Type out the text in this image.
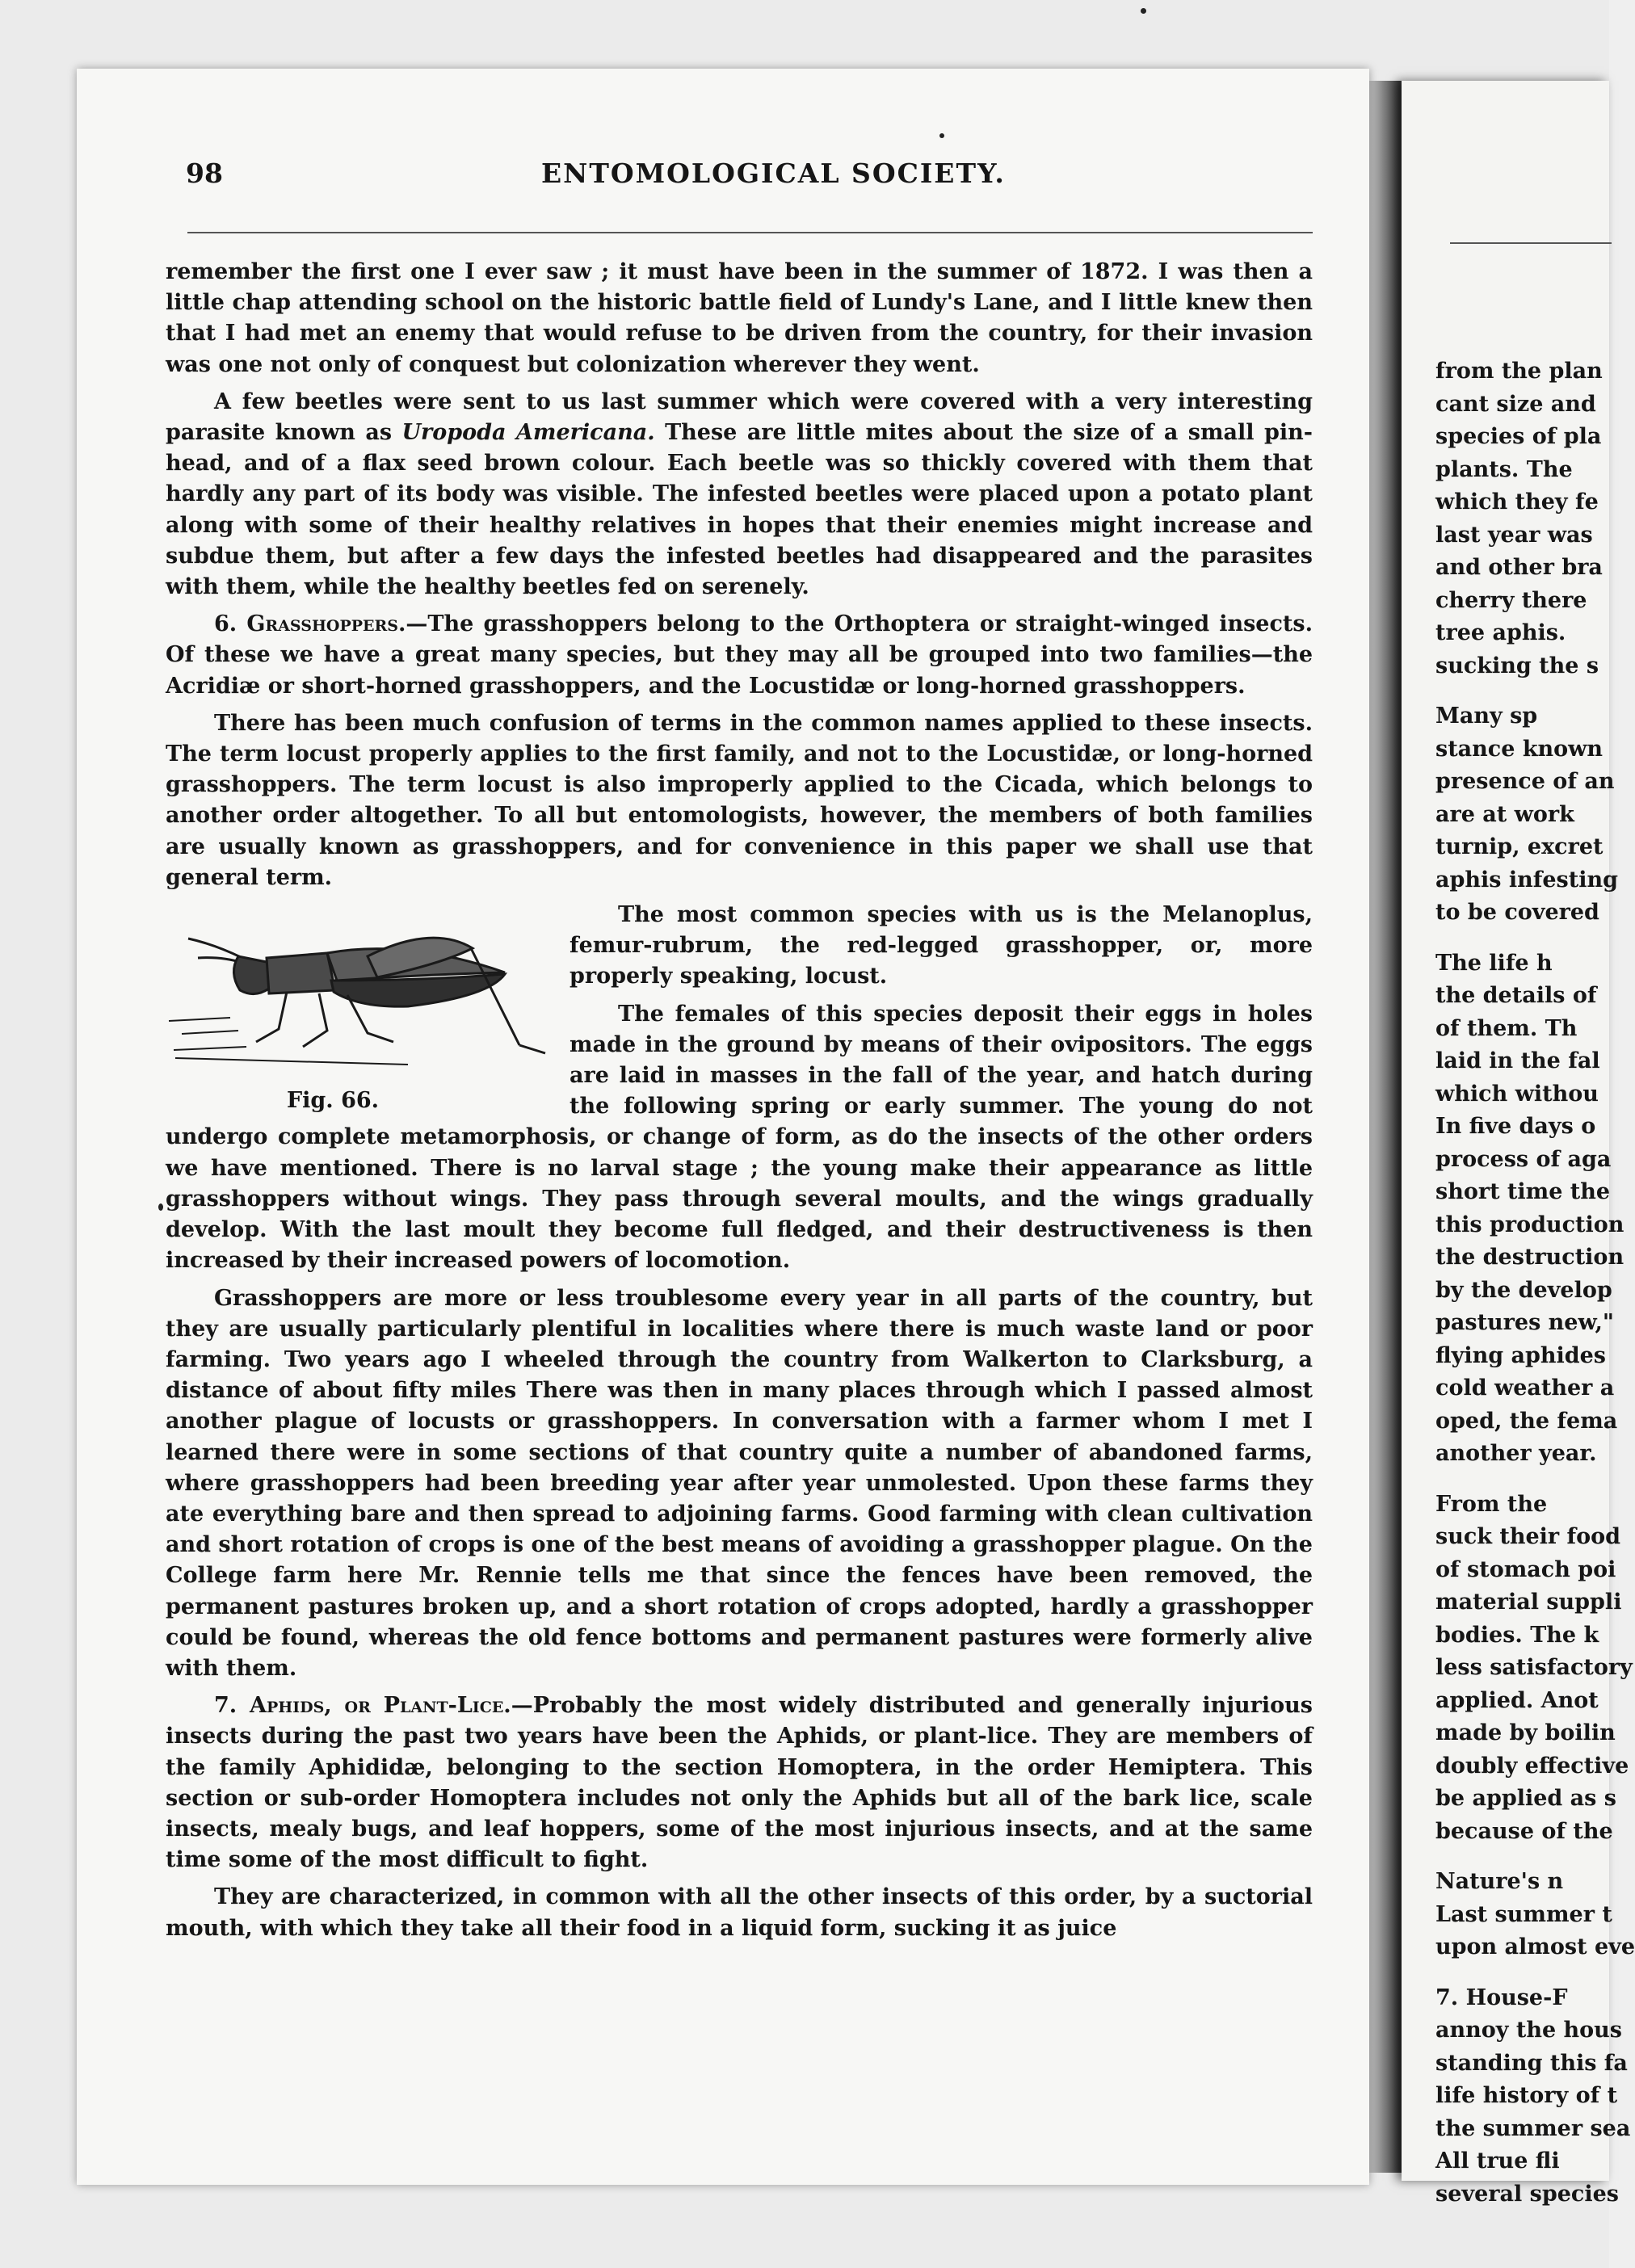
98	ENTOMOLOGICAL SOCIETY.

remember the first one I ever saw ; it must have been in the summer of 1872. I was then a little chap attending school on the historic battle field of Lundy's Lane, and I little knew then that I had met an enemy that would refuse to be driven from the country, for their invasion was one not only of conquest but colonization wherever they went.

A few beetles were sent to us last summer which were covered with a very interesting parasite known as Uropoda Americana. These are little mites about the size of a small pin-head, and of a flax seed brown colour. Each beetle was so thickly covered with them that hardly any part of its body was visible. The infested beetles were placed upon a potato plant along with some of their healthy relatives in hopes that their enemies might increase and subdue them, but after a few days the infested beetles had disappeared and the parasites with them, while the healthy beetles fed on serenely.

6. Grasshoppers.—The grasshoppers belong to the Orthoptera or straight-winged insects. Of these we have a great many species, but they may all be grouped into two families—the Acridiæ or short-horned grasshoppers, and the Locustidæ or long-horned grasshoppers.

There has been much confusion of terms in the common names applied to these insects. The term locust properly applies to the first family, and not to the Locustidæ, or long-horned grasshoppers. The term locust is also improperly applied to the Cicada, which belongs to another order altogether. To all but entomologists, however, the members of both families are usually known as grasshoppers, and for convenience in this paper we shall use that general term.

Fig. 66.

The most common species with us is the Melanoplus, femur-rubrum, the red-legged grasshopper, or, more properly speaking, locust.

The females of this species deposit their eggs in holes made in the ground by means of their ovipositors. The eggs are laid in masses in the fall of the year, and hatch during the following spring or early summer. The young do not undergo complete metamorphosis, or change of form, as do the insects of the other orders we have mentioned. There is no larval stage ; the young make their appearance as little grasshoppers without wings. They pass through several moults, and the wings gradually develop. With the last moult they become full fledged, and their destructiveness is then increased by their increased powers of locomotion.

Grasshoppers are more or less troublesome every year in all parts of the country, but they are usually particularly plentiful in localities where there is much waste land or poor farming. Two years ago I wheeled through the country from Walkerton to Clarksburg, a distance of about fifty miles There was then in many places through which I passed almost another plague of locusts or grasshoppers. In conversation with a farmer whom I met I learned there were in some sections of that country quite a number of abandoned farms, where grasshoppers had been breeding year after year unmolested. Upon these farms they ate everything bare and then spread to adjoining farms. Good farming with clean cultivation and short rotation of crops is one of the best means of avoiding a grasshopper plague. On the College farm here Mr. Rennie tells me that since the fences have been removed, the permanent pastures broken up, and a short rotation of crops adopted, hardly a grasshopper could be found, whereas the old fence bottoms and permanent pastures were formerly alive with them.

7. Aphids, or Plant-Lice.—Probably the most widely distributed and generally injurious insects during the past two years have been the Aphids, or plant-lice. They are members of the family Aphididæ, belonging to the section Homoptera, in the order Hemiptera. This section or sub-order Homoptera includes not only the Aphids but all of the bark lice, scale insects, mealy bugs, and leaf hoppers, some of the most injurious insects, and at the same time some of the most difficult to fight.

They are characterized, in common with all the other insects of this order, by a suctorial mouth, with which they take all their food in a liquid form, sucking it as juice

from the plan
cant size and
species of pla
plants. The
which they fe
last year was
and other bra
cherry there
tree aphis.
sucking the s
Many sp
stance known
presence of an
are at work
turnip, excret
aphis infesting
to be covered
The life h
the details of
of them. Th
laid in the fal
which withou
In five days o
process of aga
short time the
this production
the destruction
by the develop
pastures new,"
flying aphides
cold weather a
oped, the fema
another year.
From the
suck their food
of stomach poi
material suppli
bodies. The k
less satisfactory
applied. Anot
made by boilin
doubly effective
be applied as s
because of the
Nature's n
Last summer t
upon almost eve
7. House-F
annoy the hous
standing this fa
life history of t
the summer sea
All true fli
several species
